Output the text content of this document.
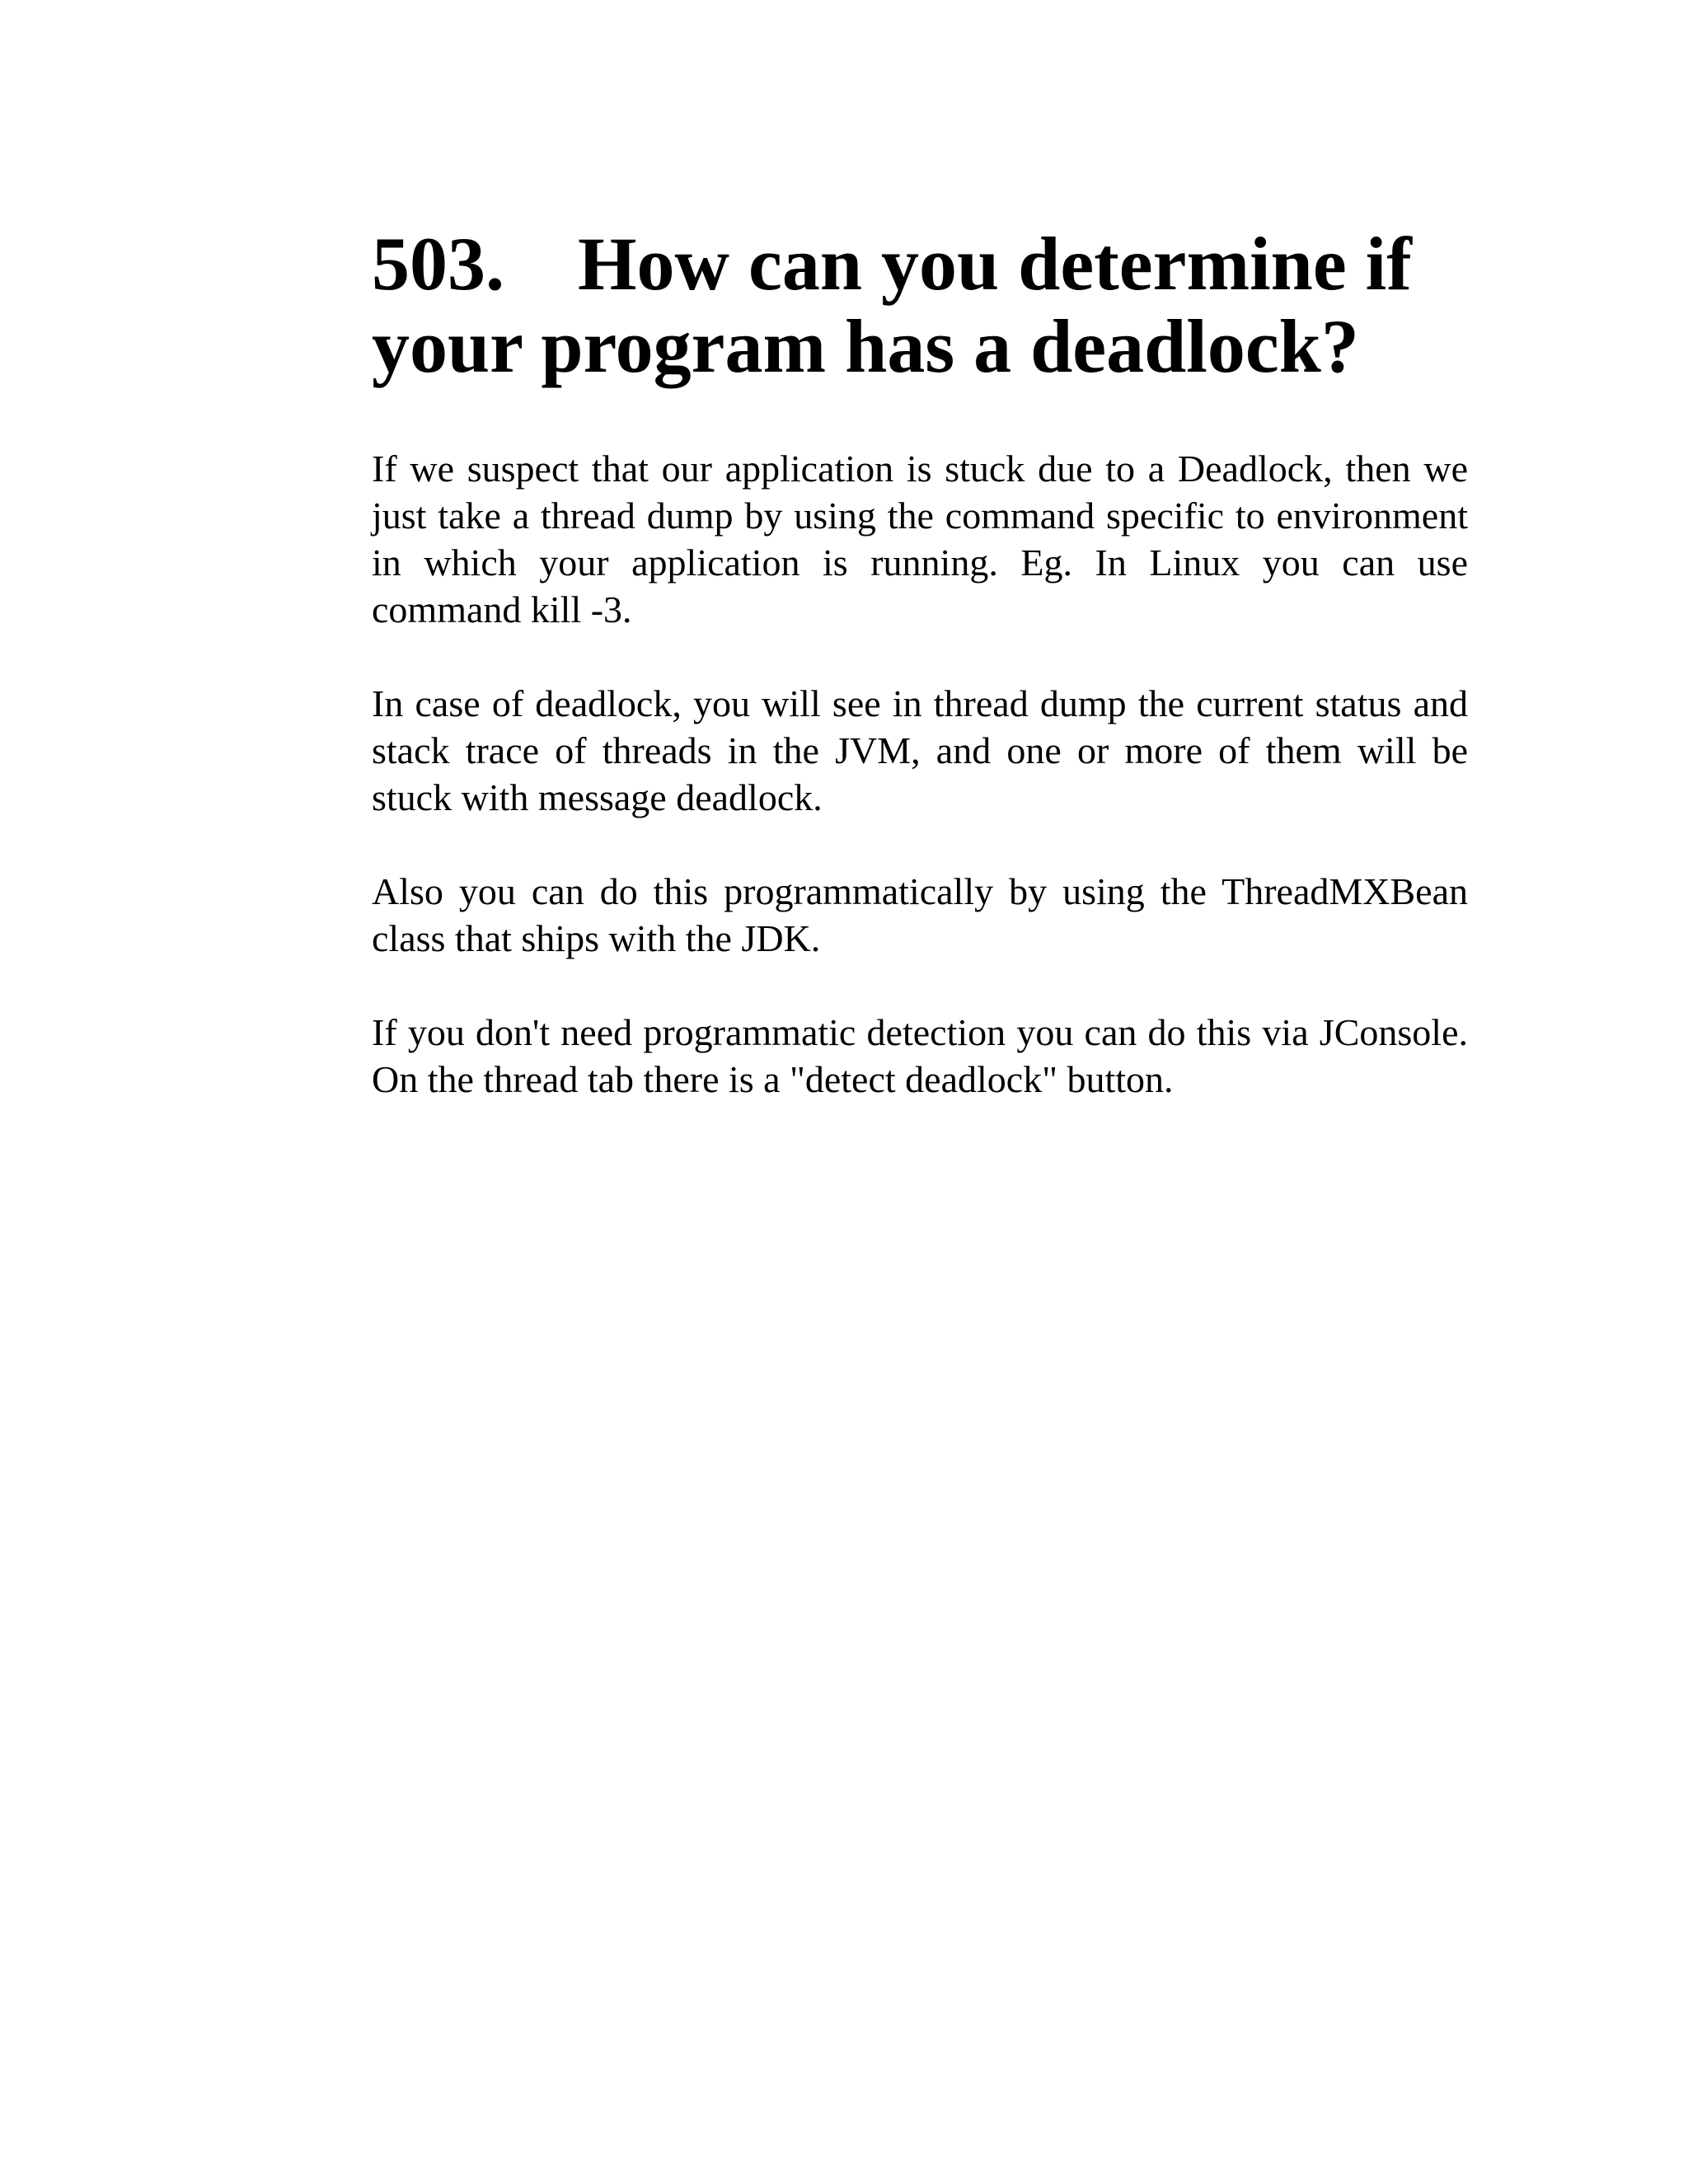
503. How can you determine if your program has a deadlock?

If we suspect that our application is stuck due to a Deadlock, then we just take a thread dump by using the command specific to environment in which your application is running. Eg. In Linux you can use command kill -3.

In case of deadlock, you will see in thread dump the current status and stack trace of threads in the JVM, and one or more of them will be stuck with message deadlock.

Also you can do this programmatically by using the ThreadMXBean class that ships with the JDK.

If you don't need programmatic detection you can do this via JConsole. On the thread tab there is a "detect deadlock" button.
